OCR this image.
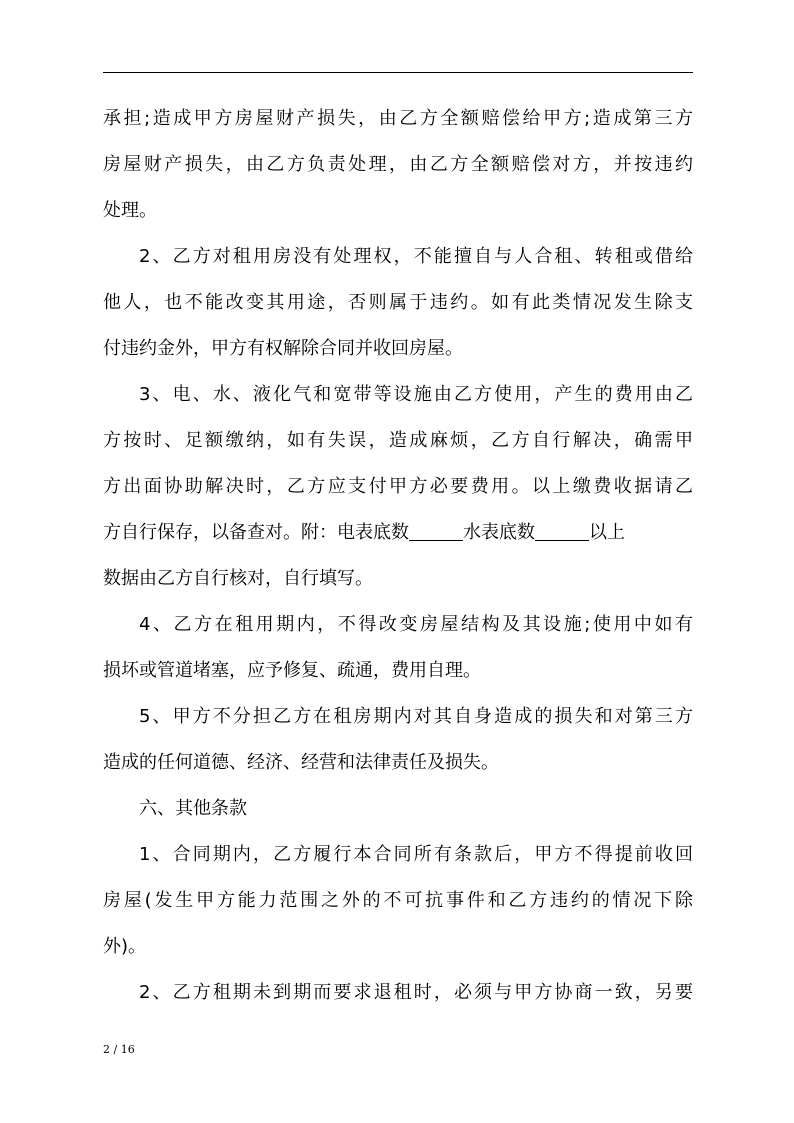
承担;造成甲方房屋财产损失，由乙方全额赔偿给甲方;造成第三方
房屋财产损失，由乙方负责处理，由乙方全额赔偿对方，并按违约
处理。
2、乙方对租用房没有处理权，不能擅自与人合租、转租或借给
他人，也不能改变其用途，否则属于违约。如有此类情况发生除支
付违约金外，甲方有权解除合同并收回房屋。
3、电、水、液化气和宽带等设施由乙方使用，产生的费用由乙
方按时、足额缴纳，如有失误，造成麻烦，乙方自行解决，确需甲
方出面协助解决时，乙方应支付甲方必要费用。以上缴费收据请乙
方自行保存，以备查对。附：电表底数	水表底数	以上
数据由乙方自行核对，自行填写。
4、乙方在租用期内，不得改变房屋结构及其设施;使用中如有
损坏或管道堵塞，应予修复、疏通，费用自理。
5、甲方不分担乙方在租房期内对其自身造成的损失和对第三方
造成的任何道德、经济、经营和法律责任及损失。
六、其他条款
1、合同期内，乙方履行本合同所有条款后，甲方不得提前收回
房屋(发生甲方能力范围之外的不可抗事件和乙方违约的情况下除
外)。
2、乙方租期未到期而要求退租时，必须与甲方协商一致，另要
2 / 16
